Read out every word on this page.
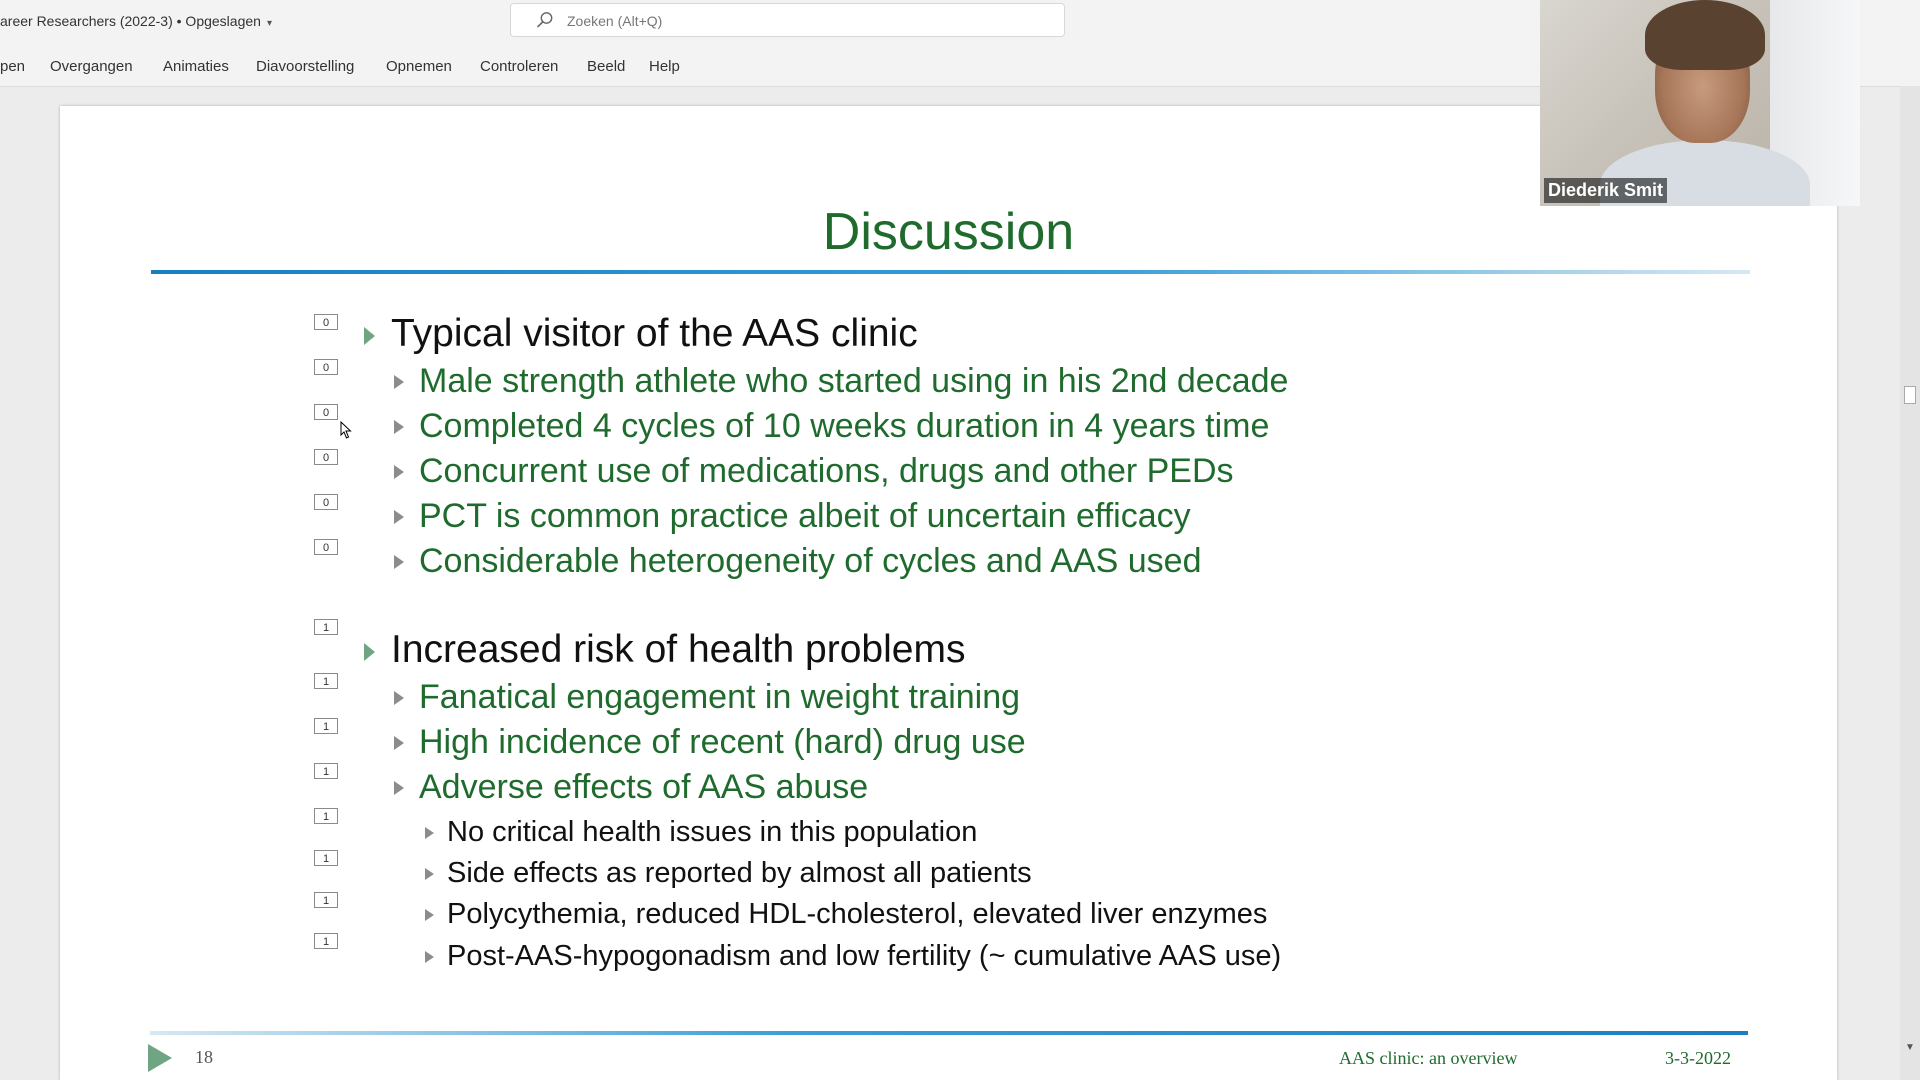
areer Researchers (2022-3) • Opgeslagen ▾	Zoeken (Alt+Q)
pen Overgangen Animaties Diavoorstelling Opnemen Controleren Beeld Help
Discussion
0
0
0
0
0
0
1
1
1
1
1
1
1
1
Typical visitor of the AAS clinic
Male strength athlete who started using in his 2nd decade
Completed 4 cycles of 10 weeks duration in 4 years time
Concurrent use of medications, drugs and other PEDs
PCT is common practice albeit of uncertain efficacy
Considerable heterogeneity of cycles and AAS used
Increased risk of health problems
Fanatical engagement in weight training
High incidence of recent (hard) drug use
Adverse effects of AAS abuse
No critical health issues in this population
Side effects as reported by almost all patients
Polycythemia, reduced HDL-cholesterol, elevated liver enzymes
Post-AAS-hypogonadism and low fertility (~ cumulative AAS use)
18	AAS clinic: an overview	3-3-2022
▼
Diederik Smit
